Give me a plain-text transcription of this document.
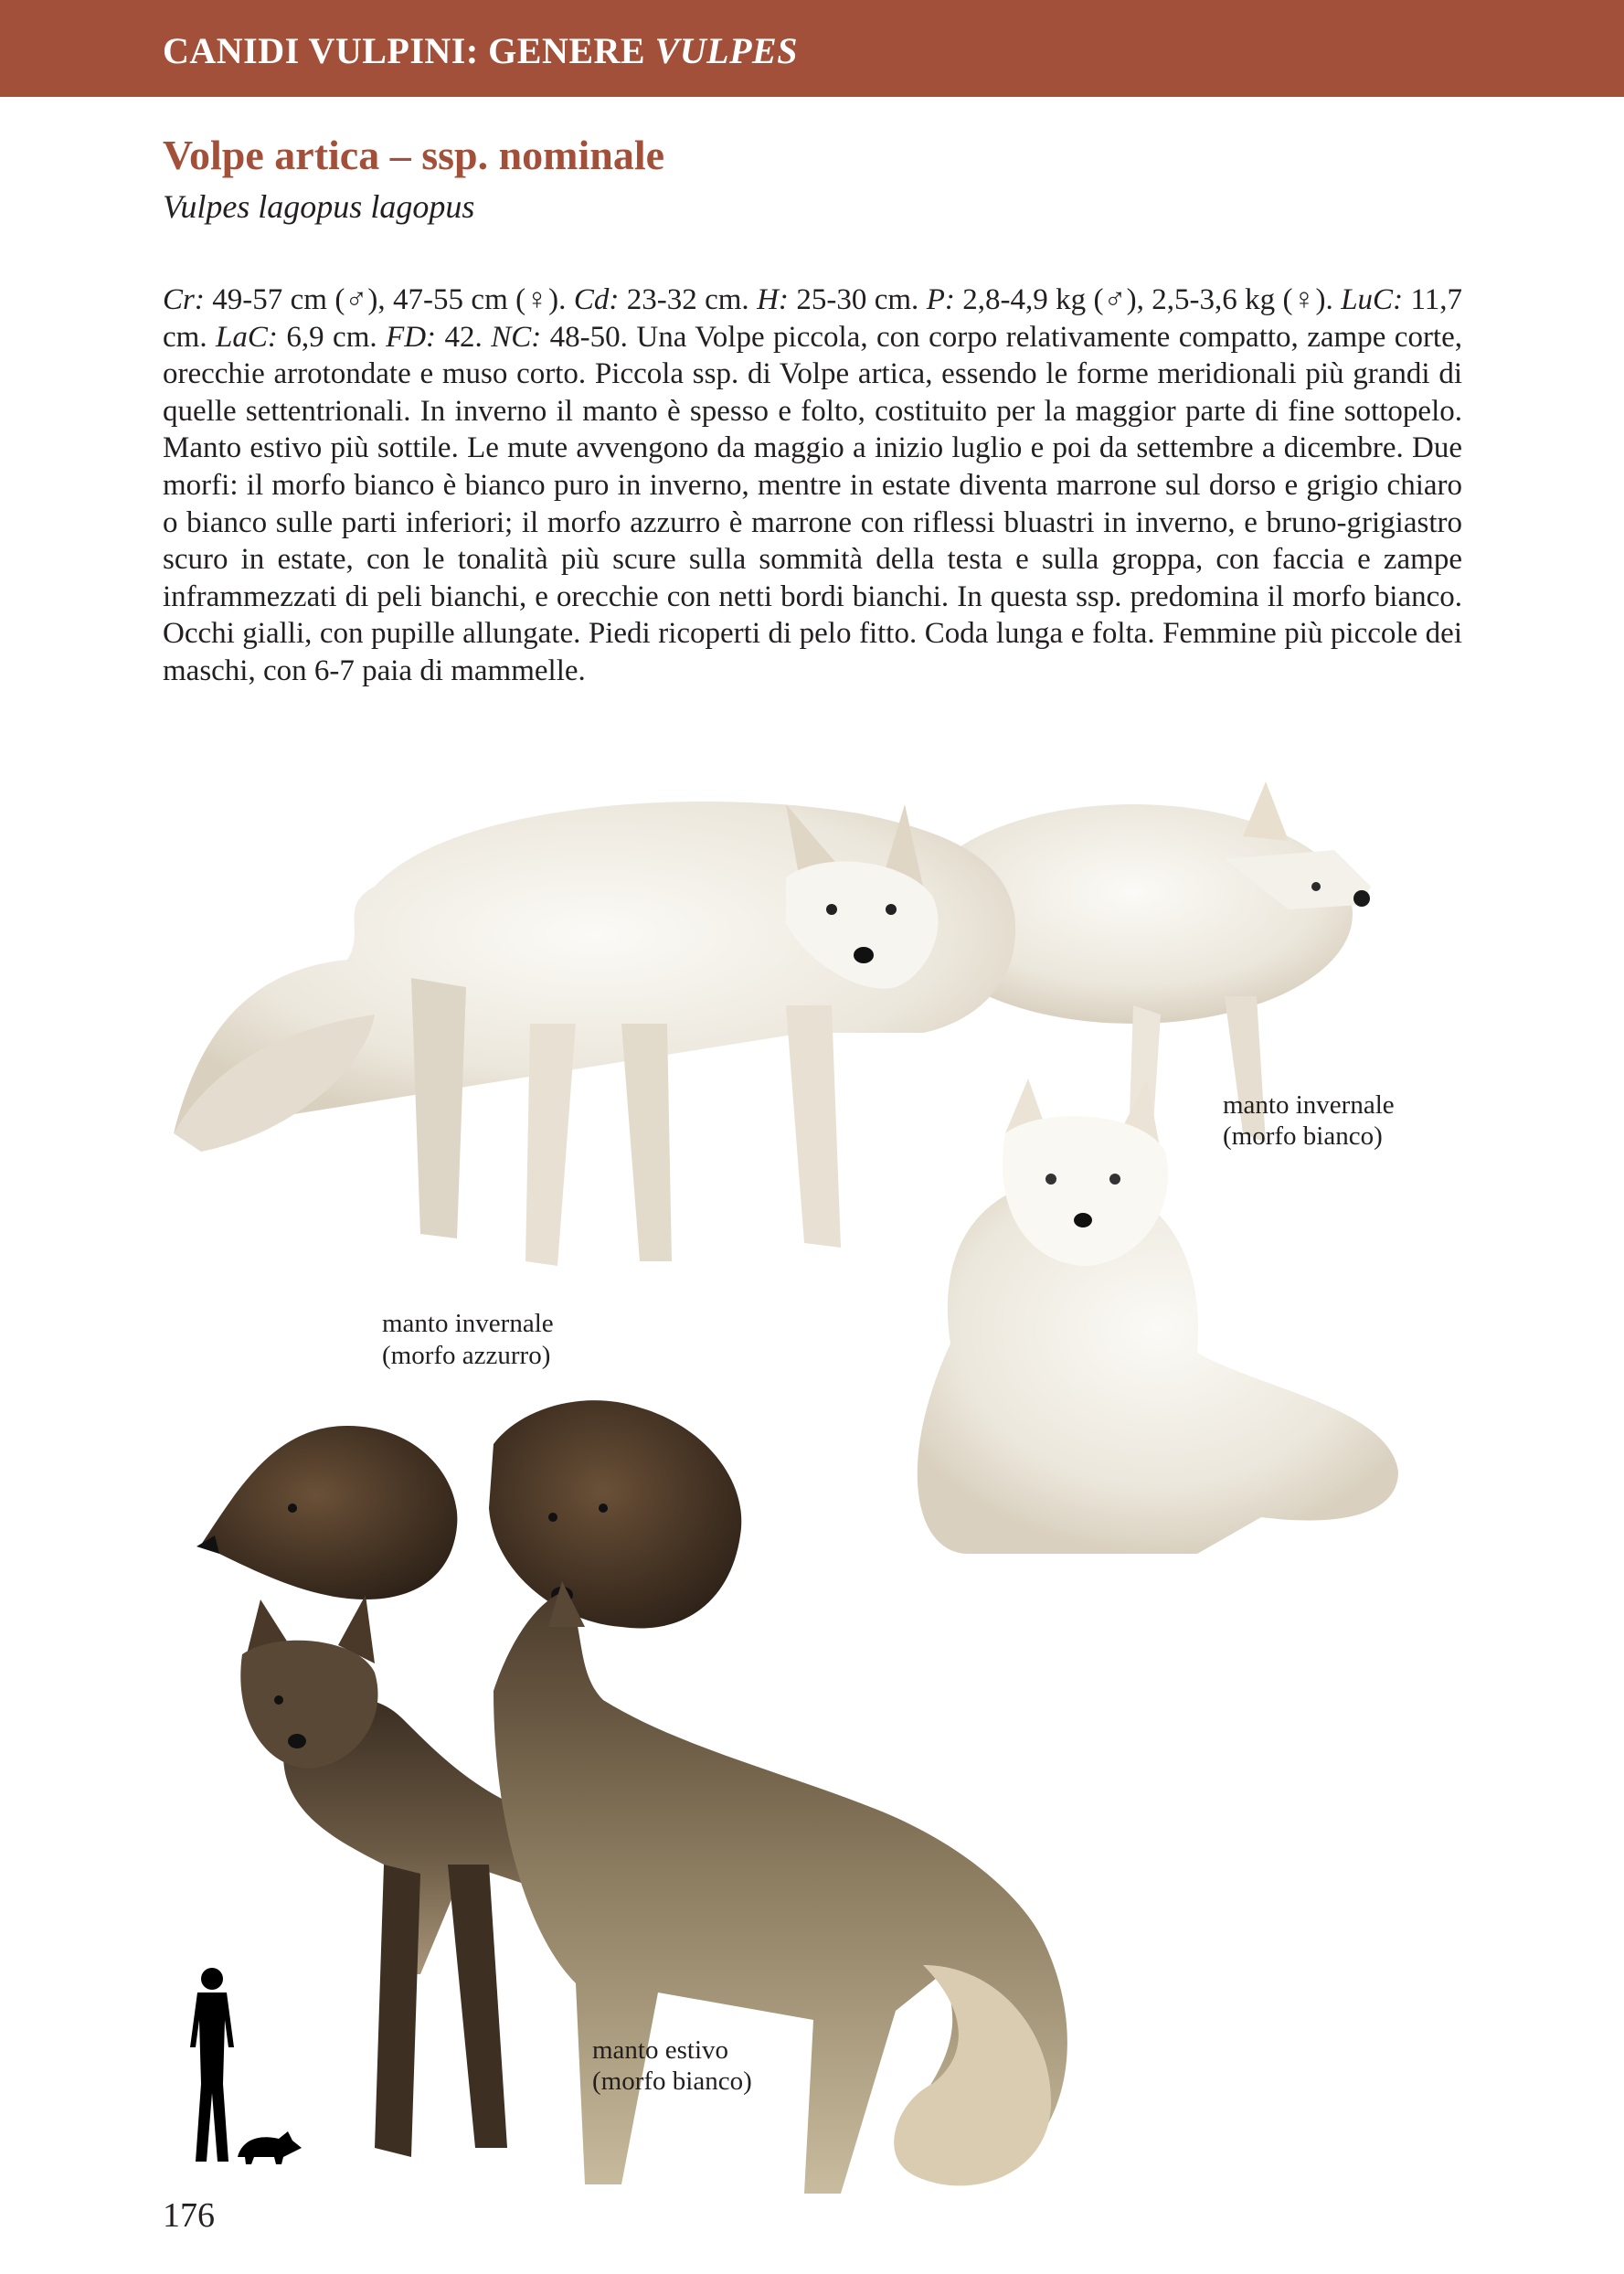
CANIDI VULPINI: GENERE VULPES
Volpe artica – ssp. nominale
Vulpes lagopus lagopus

Cr: 49-57 cm (♂), 47-55 cm (♀). Cd: 23-32 cm. H: 25-30 cm. P: 2,8-4,9 kg (♂), 2,5-3,6 kg (♀). LuC: 11,7 cm. LaC: 6,9 cm. FD: 42. NC: 48-50. Una Volpe piccola, con corpo relativamente compatto, zampe corte, orecchie arrotondate e muso corto. Piccola ssp. di Volpe artica, essendo le forme meridionali più grandi di quelle settentrionali. In inverno il manto è spesso e folto, costituito per la maggior parte di fine sottopelo. Manto estivo più sottile. Le mute avvengono da maggio a inizio luglio e poi da settembre a dicembre. Due morfi: il morfo bianco è bianco puro in inverno, mentre in estate diventa marrone sul dorso e grigio chiaro o bianco sulle parti inferiori; il morfo azzurro è marrone con riflessi bluastri in inverno, e bruno-grigiastro scuro in estate, con le tonalità più scure sulla sommità della testa e sulla groppa, con faccia e zampe inframmezzati di peli bianchi, e orecchie con netti bordi bianchi. In questa ssp. predomina il morfo bianco. Occhi gialli, con pupille allungate. Piedi ricoperti di pelo fitto. Coda lunga e folta. Femmine più piccole dei maschi, con 6-7 paia di mammelle.

manto invernale
(morfo bianco)
manto invernale
(morfo azzurro)
manto estivo
(morfo bianco)
176
